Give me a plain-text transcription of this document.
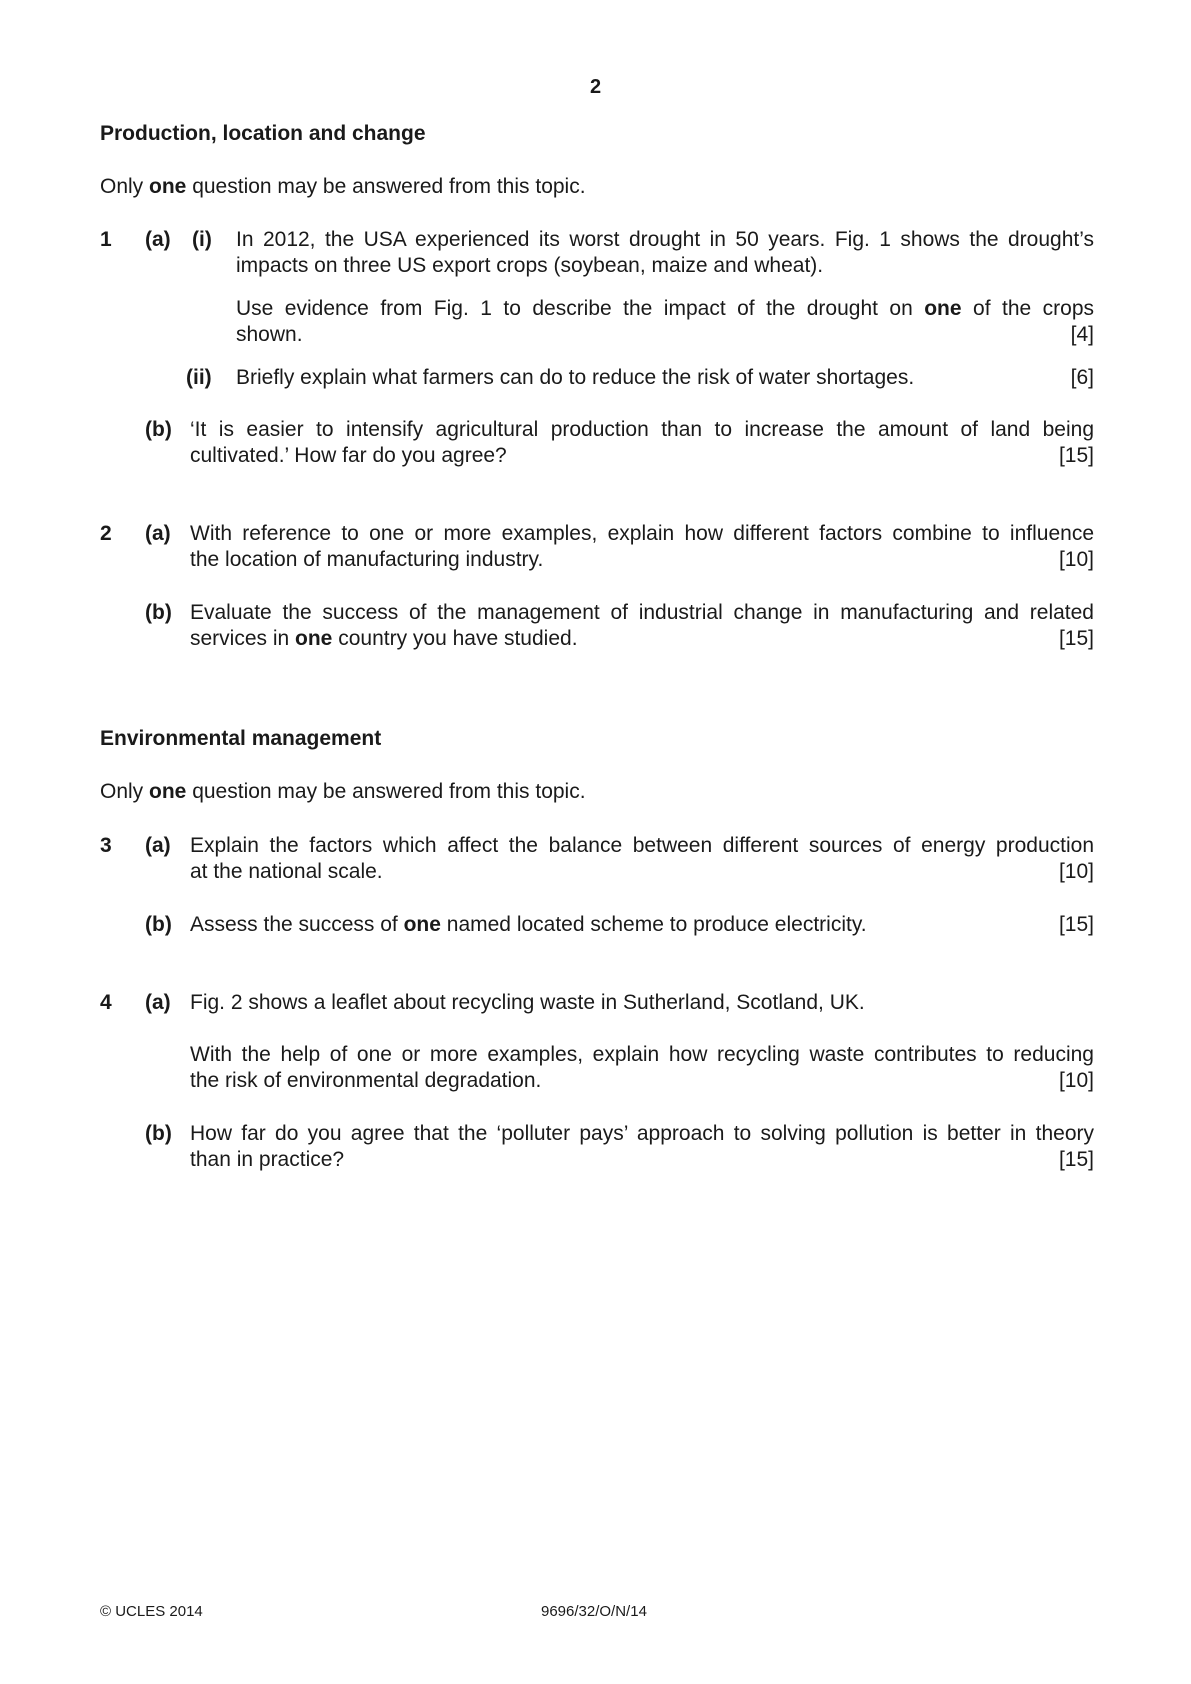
2
Production, location and change
Only one question may be answered from this topic.
1 (a) (i) In 2012, the USA experienced its worst drought in 50 years. Fig. 1 shows the drought’s
impacts on three US export crops (soybean, maize and wheat).
Use evidence from Fig. 1 to describe the impact of the drought on one of the crops
shown.	[4]
(ii) Briefly explain what farmers can do to reduce the risk of water shortages.	[6]
(b) ‘It is easier to intensify agricultural production than to increase the amount of land being
cultivated.’ How far do you agree?	[15]
2 (a) With reference to one or more examples, explain how different factors combine to influence
the location of manufacturing industry.	[10]
(b) Evaluate the success of the management of industrial change in manufacturing and related
services in one country you have studied.	[15]
Environmental management
Only one question may be answered from this topic.
3 (a) Explain the factors which affect the balance between different sources of energy production
at the national scale.	[10]
(b) Assess the success of one named located scheme to produce electricity.	[15]
4 (a) Fig. 2 shows a leaflet about recycling waste in Sutherland, Scotland, UK.
With the help of one or more examples, explain how recycling waste contributes to reducing
the risk of environmental degradation.	[10]
(b) How far do you agree that the ‘polluter pays’ approach to solving pollution is better in theory
than in practice?	[15]
© UCLES 2014	9696/32/O/N/14
